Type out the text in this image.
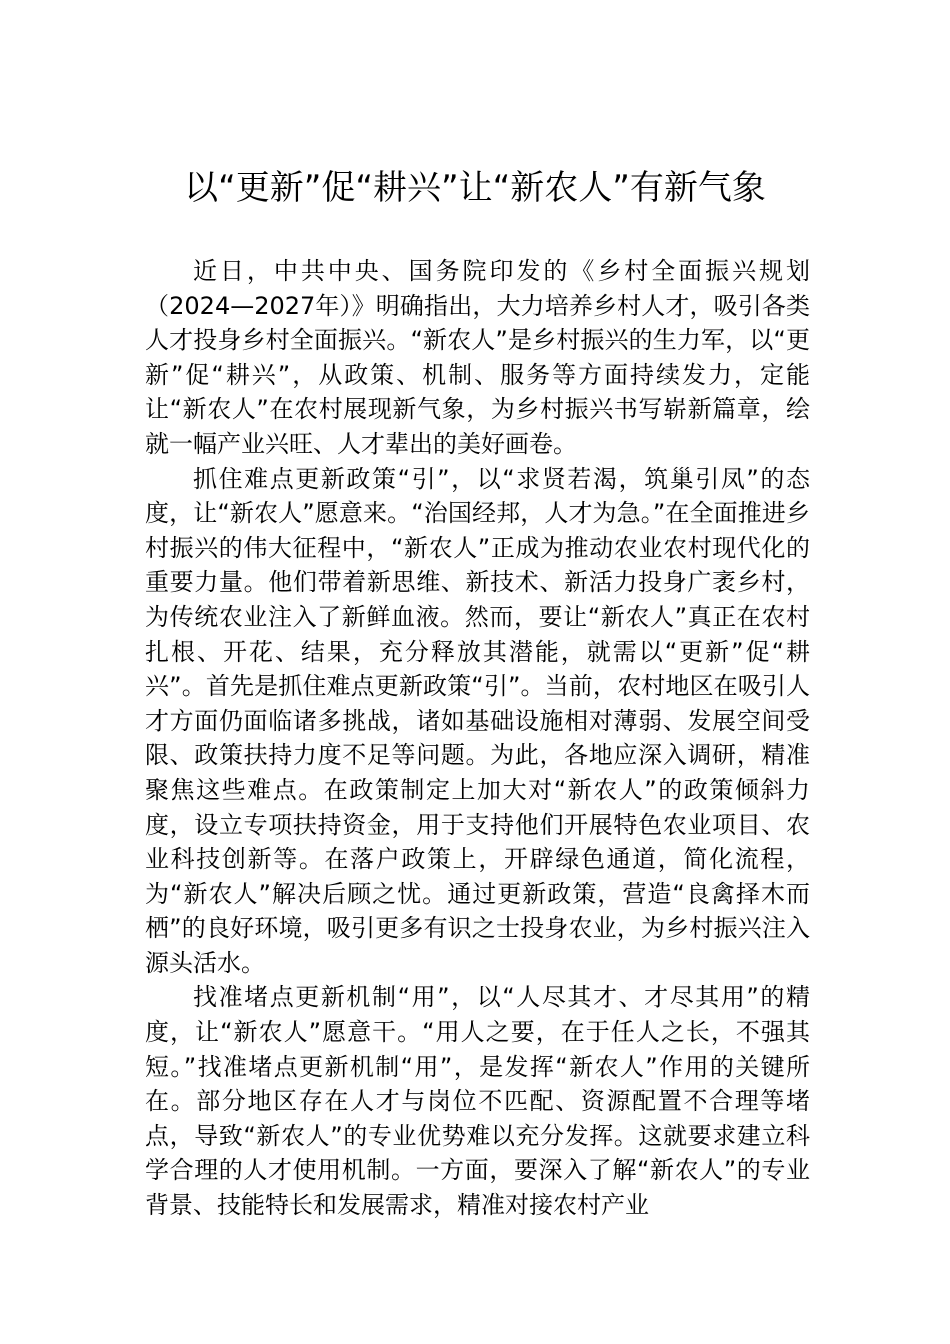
以“更新”促“耕兴”让“新农人”有新气象

近日，中共中央、国务院印发的《乡村全面振兴规划（2024—2027年）》明确指出，大力培养乡村人才，吸引各类人才投身乡村全面振兴。“新农人”是乡村振兴的生力军，以“更新”促“耕兴”，从政策、机制、服务等方面持续发力，定能让“新农人”在农村展现新气象，为乡村振兴书写崭新篇章，绘就一幅产业兴旺、人才辈出的美好画卷。

抓住难点更新政策“引”，以“求贤若渴，筑巢引凤”的态度，让“新农人”愿意来。“治国经邦，人才为急。”在全面推进乡村振兴的伟大征程中，“新农人”正成为推动农业农村现代化的重要力量。他们带着新思维、新技术、新活力投身广袤乡村，为传统农业注入了新鲜血液。然而，要让“新农人”真正在农村扎根、开花、结果，充分释放其潜能，就需以“更新”促“耕兴”。首先是抓住难点更新政策“引”。当前，农村地区在吸引人才方面仍面临诸多挑战，诸如基础设施相对薄弱、发展空间受限、政策扶持力度不足等问题。为此，各地应深入调研，精准聚焦这些难点。在政策制定上加大对“新农人”的政策倾斜力度，设立专项扶持资金，用于支持他们开展特色农业项目、农业科技创新等。在落户政策上，开辟绿色通道，简化流程，为“新农人”解决后顾之忧。通过更新政策，营造“良禽择木而栖”的良好环境，吸引更多有识之士投身农业，为乡村振兴注入源头活水。

找准堵点更新机制“用”，以“人尽其才、才尽其用”的精度，让“新农人”愿意干。“用人之要，在于任人之长，不强其短。”找准堵点更新机制“用”，是发挥“新农人”作用的关键所在。部分地区存在人才与岗位不匹配、资源配置不合理等堵点，导致“新农人”的专业优势难以充分发挥。这就要求建立科学合理的人才使用机制。一方面，要深入了解“新农人”的专业背景、技能特长和发展需求，精准对接农村产业
